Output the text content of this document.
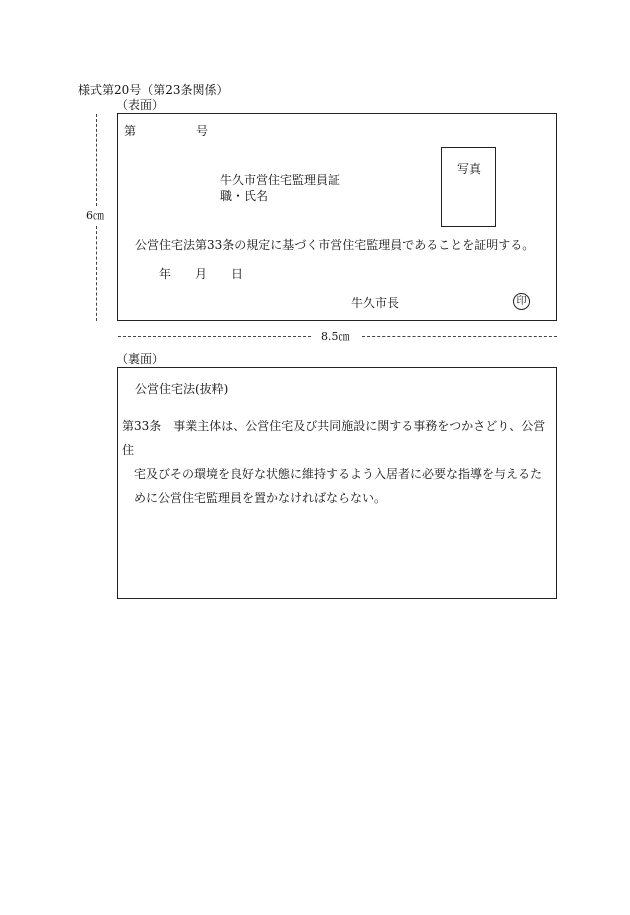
様式第20号（第23条関係）
（表面）
6㎝
第	号
牛久市営住宅監理員証
職・氏名
写真
公営住宅法第33条の規定に基づく市営住宅監理員であることを証明する。
年 月 日
牛久市長	印
8.5㎝
（裏面）
公営住宅法(抜粋)
第33条　事業主体は、公営住宅及び共同施設に関する事務をつかさどり、公営住
宅及びその環境を良好な状態に維持するよう入居者に必要な指導を与えるた
めに公営住宅監理員を置かなければならない。
